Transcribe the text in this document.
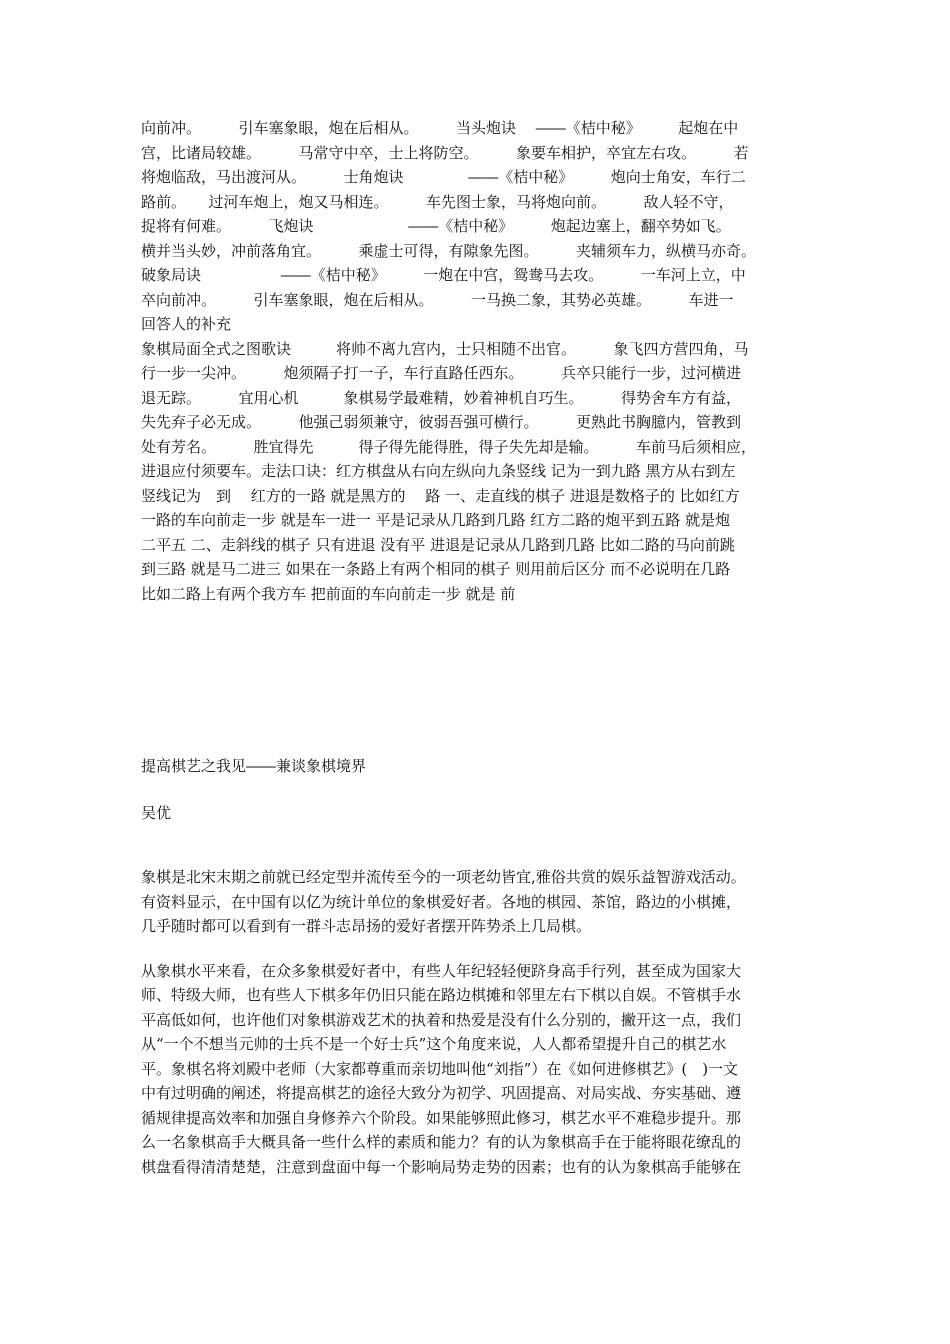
向前冲。　　　引车塞象眼，炮在后相从。　　　当头炮诀　 ――《桔中秘》　　　起炮在中
宫，比诸局较雄。　　　马常守中卒，士上将防空。　　　象要车相护，卒宜左右攻。　　　若
将炮临敌，马出渡河从。　　　士角炮诀　　　　 ――《桔中秘》　　　炮向士角安，车行二
路前。　　过河车炮上，炮又马相连。　　　车先图士象，马将炮向前。　　　敌人轻不守，
捉将有何难。　　　飞炮诀　　　　　　 ――《桔中秘》　　　炮起边塞上，翻卒势如飞。
横并当头妙，冲前落角宜。　　　乘虚士可得，有隙象先图。　　　夹辅须车力，纵横马亦奇。
破象局诀　　　　　 ――《桔中秘》　　　一炮在中宫，鸳鸯马去攻。　　　一车河上立，中
卒向前冲。　　　引车塞象眼，炮在后相从。　　　一马换二象，其势必英雄。　　　车进一
回答人的补充
象棋局面全式之图歌诀　　　将帅不离九宫内，士只相随不出官。　　　象飞四方营四角，马
行一步一尖冲。　　　炮须隔子打一子，车行直路任西东。　　　兵卒只能行一步，过河横进
退无踪。　　　宜用心机　　　象棋易学最难精，妙着神机自巧生。　　　得势舍车方有益，
失先弃子必无成。　　　他强己弱须兼守，彼弱吾强可横行。　　　更熟此书胸臆内，管教到
处有芳名。　　　胜宜得先　　　得子得先能得胜，得子失先却是输。　　　车前马后须相应，
进退应付须要车。走法口诀：红方棋盘从右向左纵向九条竖线 记为一到九路 黑方从右到左
竖线记为　到　 红方的一路 就是黑方的　 路 一、走直线的棋子 进退是数格子的 比如红方
一路的车向前走一步 就是车一进一 平是记录从几路到几路 红方二路的炮平到五路 就是炮
二平五 二、走斜线的棋子 只有进退 没有平 进退是记录从几路到几路 比如二路的马向前跳
到三路 就是马二进三 如果在一条路上有两个相同的棋子 则用前后区分 而不必说明在几路
比如二路上有两个我方车 把前面的车向前走一步 就是 前
提高棋艺之我见――兼谈象棋境界
吴优
象棋是北宋末期之前就已经定型并流传至今的一项老幼皆宜,雅俗共赏的娱乐益智游戏活动。
有资料显示，在中国有以亿为统计单位的象棋爱好者。各地的棋园、茶馆，路边的小棋摊，
几乎随时都可以看到有一群斗志昂扬的爱好者摆开阵势杀上几局棋。
从象棋水平来看，在众多象棋爱好者中，有些人年纪轻轻便跻身高手行列，甚至成为国家大
师、特级大师，也有些人下棋多年仍旧只能在路边棋摊和邻里左右下棋以自娱。不管棋手水
平高低如何，也许他们对象棋游戏艺术的执着和热爱是没有什么分别的，撇开这一点，我们
从“一个不想当元帅的士兵不是一个好士兵”这个角度来说，人人都希望提升自己的棋艺水
平。象棋名将刘殿中老师（大家都尊重而亲切地叫他“刘指”）在《如何进修棋艺》(　)一文
中有过明确的阐述，将提高棋艺的途径大致分为初学、巩固提高、对局实战、夯实基础、遵
循规律提高效率和加强自身修养六个阶段。如果能够照此修习，棋艺水平不难稳步提升。那
么一名象棋高手大概具备一些什么样的素质和能力？有的认为象棋高手在于能将眼花缭乱的
棋盘看得清清楚楚，注意到盘面中每一个影响局势走势的因素；也有的认为象棋高手能够在
